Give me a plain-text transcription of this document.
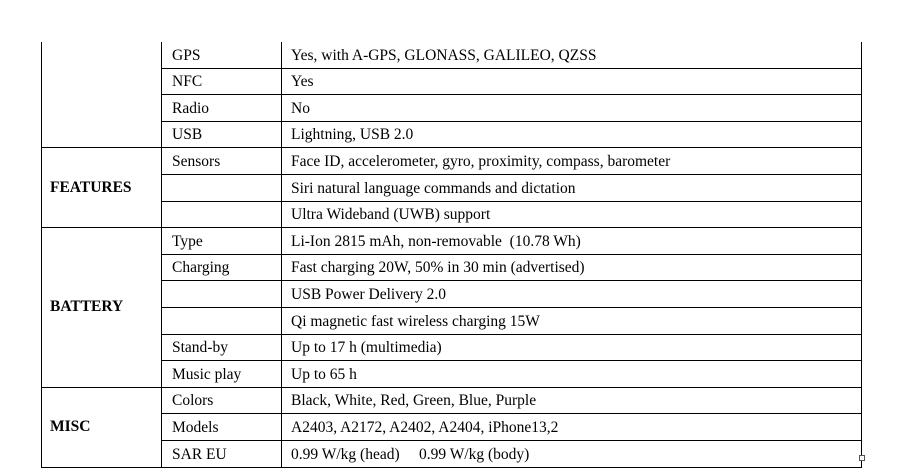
	GPS	Yes, with A-GPS, GLONASS, GALILEO, QZSS
	NFC	Yes
	Radio	No
	USB	Lightning, USB 2.0
FEATURES	Sensors	Face ID, accelerometer, gyro, proximity, compass, barometer
		Siri natural language commands and dictation
		Ultra Wideband (UWB) support
BATTERY	Type	Li-Ion 2815 mAh, non-removable  (10.78 Wh)
	Charging	Fast charging 20W, 50% in 30 min (advertised)
		USB Power Delivery 2.0
		Qi magnetic fast wireless charging 15W
	Stand-by	Up to 17 h (multimedia)
	Music play	Up to 65 h
MISC	Colors	Black, White, Red, Green, Blue, Purple
	Models	A2403, A2172, A2402, A2404, iPhone13,2
	SAR EU	0.99 W/kg (head)     0.99 W/kg (body)
